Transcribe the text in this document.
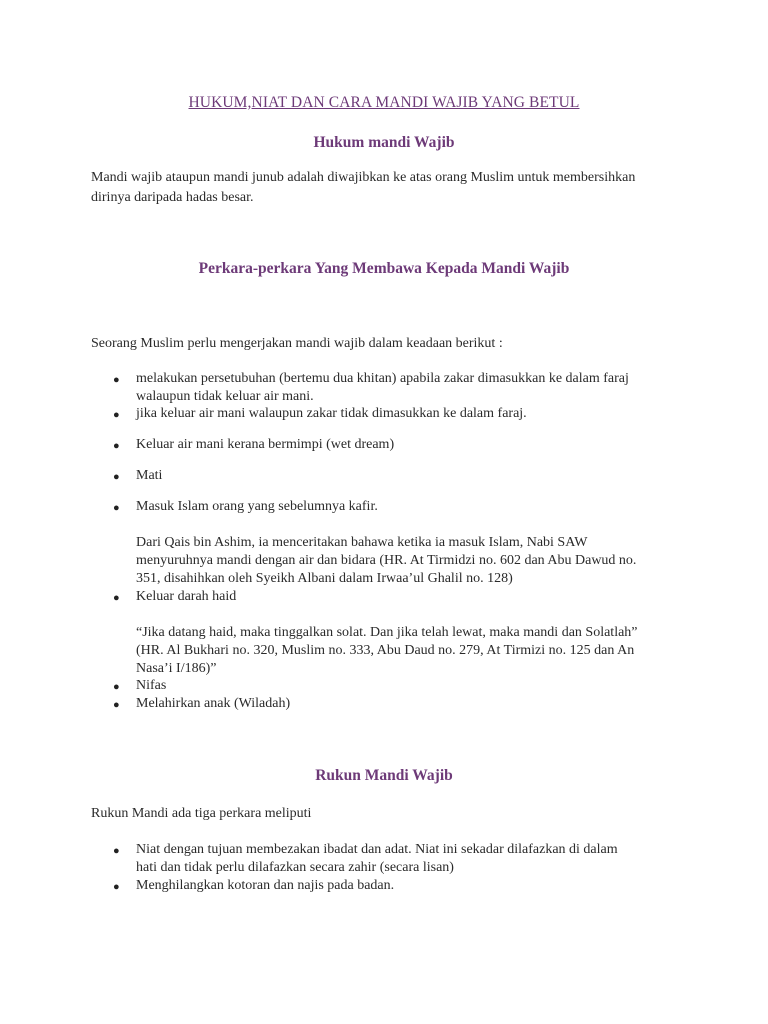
HUKUM,NIAT DAN CARA MANDI WAJIB YANG BETUL
Hukum mandi Wajib
Mandi wajib ataupun mandi junub adalah diwajibkan ke atas orang Muslim untuk membersihkan
dirinya daripada hadas besar.
Perkara-perkara Yang Membawa Kepada Mandi Wajib
Seorang Muslim perlu mengerjakan mandi wajib dalam keadaan berikut :
● melakukan persetubuhan (bertemu dua khitan) apabila zakar dimasukkan ke dalam faraj
walaupun tidak keluar air mani.
● jika keluar air mani walaupun zakar tidak dimasukkan ke dalam faraj.
● Keluar air mani kerana bermimpi (wet dream)
● Mati
● Masuk Islam orang yang sebelumnya kafir.
Dari Qais bin Ashim, ia menceritakan bahawa ketika ia masuk Islam, Nabi SAW
menyuruhnya mandi dengan air dan bidara (HR. At Tirmidzi no. 602 dan Abu Dawud no.
351, disahihkan oleh Syeikh Albani dalam Irwaa’ul Ghalil no. 128)
● Keluar darah haid
“Jika datang haid, maka tinggalkan solat. Dan jika telah lewat, maka mandi dan Solatlah”
(HR. Al Bukhari no. 320, Muslim no. 333, Abu Daud no. 279, At Tirmizi no. 125 dan An
Nasa’i I/186)”
● Nifas
● Melahirkan anak (Wiladah)
Rukun Mandi Wajib
Rukun Mandi ada tiga perkara meliputi
● Niat dengan tujuan membezakan ibadat dan adat. Niat ini sekadar dilafazkan di dalam
hati dan tidak perlu dilafazkan secara zahir (secara lisan)
● Menghilangkan kotoran dan najis pada badan.
